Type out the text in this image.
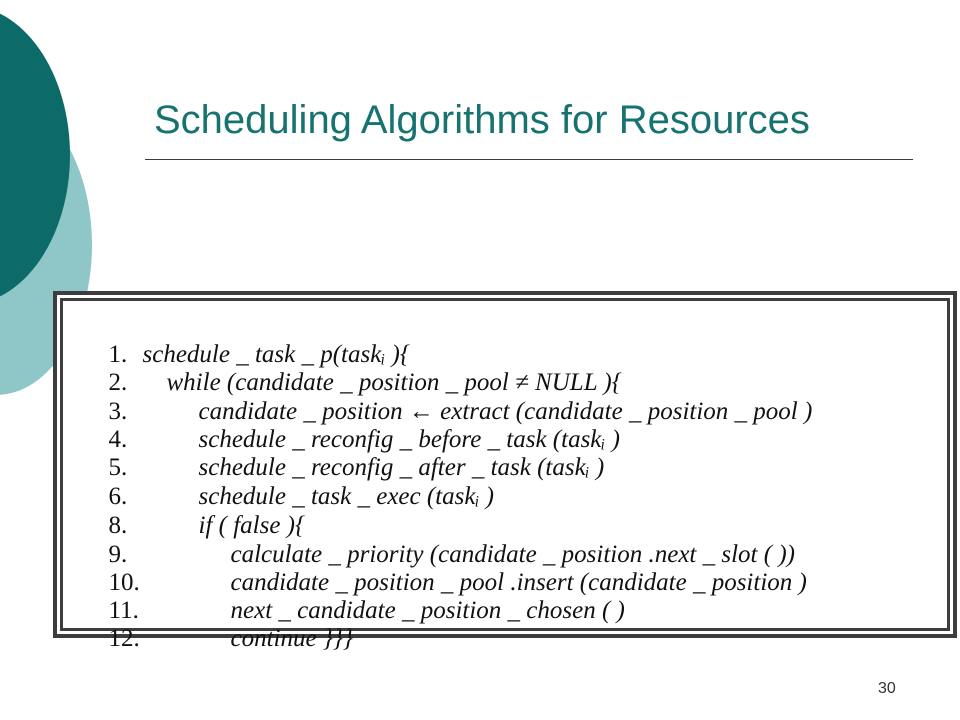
Scheduling Algorithms for Resources

1. schedule _ task _ p(taskᵢ ){

2. while (candidate _ position _ pool ≠ NULL ){

3.	candidate _ position ← extract (candidate _ position _ pool )

4.	schedule _ reconfig _ before _ task (taskᵢ )

5.	schedule _ reconfig _ after _ task (taskᵢ )

6.	schedule _ task _ exec (taskᵢ )

8.	if ( false ){

9.	calculate _ priority (candidate _ position .next _ slot ( ))

10.	candidate _ position _ pool .insert (candidate _ position )

11.	next _ candidate _ position _ chosen ( )

12.	continue }}}

30
